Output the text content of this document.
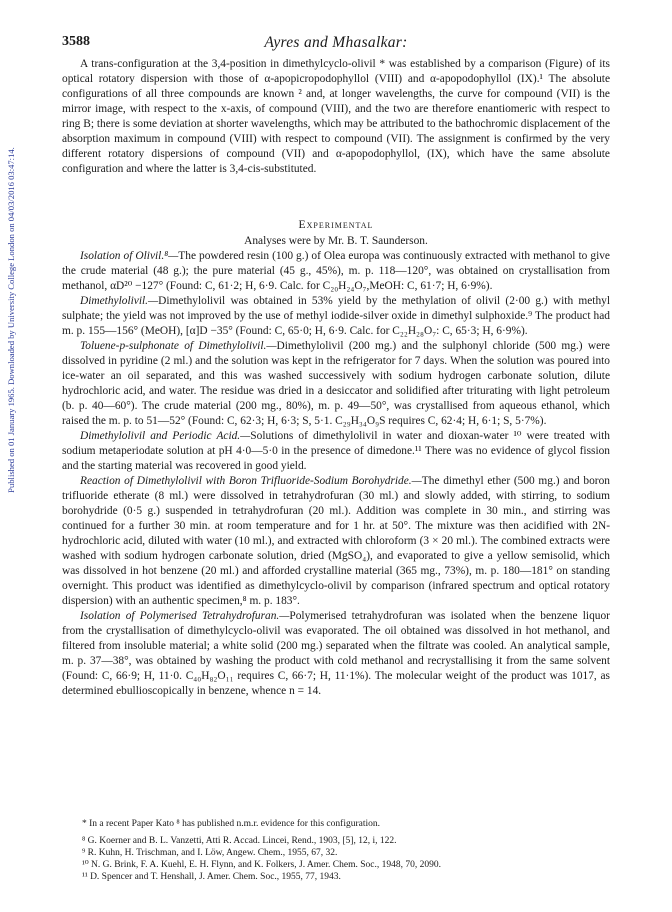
Published on 01 January 1965. Downloaded by University College London on 04/03/2016 03:47:14.
3588	Ayres and Mhasalkar:

A trans-configuration at the 3,4-position in dimethylcyclo-olivil * was established by a comparison (Figure) of its optical rotatory dispersion with those of α-apopicropodophyllol (VIII) and α-apopodophyllol (IX).¹ The absolute configurations of all three compounds are known ² and, at longer wavelengths, the curve for compound (VII) is the mirror image, with respect to the x-axis, of compound (VIII), and the two are therefore enantiomeric with respect to ring B; there is some deviation at shorter wavelengths, which may be attributed to the bathochromic displacement of the absorption maximum in compound (VIII) with respect to compound (VII). The assignment is confirmed by the very different rotatory dispersions of compound (VII) and α-apopodophyllol, (IX), which have the same absolute configuration and where the latter is 3,4-cis-substituted.

Experimental

Analyses were by Mr. B. T. Saunderson.

Isolation of Olivil.⁸—The powdered resin (100 g.) of Olea europa was continuously extracted with methanol to give the crude material (48 g.); the pure material (45 g., 45%), m. p. 118—120°, was obtained on crystallisation from methanol, αD²⁰ −127° (Found: C, 61·2; H, 6·9. Calc. for C₂₀H₂₄O₇,MeOH: C, 61·7; H, 6·9%).

Dimethylolivil.—Dimethylolivil was obtained in 53% yield by the methylation of olivil (2·00 g.) with methyl sulphate; the yield was not improved by the use of methyl iodide-silver oxide in dimethyl sulphoxide.⁹ The product had m. p. 155—156° (MeOH), [α]D −35° (Found: C, 65·0; H, 6·9. Calc. for C₂₂H₂₈O₇: C, 65·3; H, 6·9%).

Toluene-p-sulphonate of Dimethylolivil.—Dimethylolivil (200 mg.) and the sulphonyl chloride (500 mg.) were dissolved in pyridine (2 ml.) and the solution was kept in the refrigerator for 7 days. When the solution was poured into ice-water an oil separated, and this was washed successively with sodium hydrogen carbonate solution, dilute hydrochloric acid, and water. The residue was dried in a desiccator and solidified after triturating with light petroleum (b. p. 40—60°). The crude material (200 mg., 80%), m. p. 49—50°, was crystallised from aqueous ethanol, which raised the m. p. to 51—52° (Found: C, 62·3; H, 6·3; S, 5·1. C₂₉H₃₄O₉S requires C, 62·4; H, 6·1; S, 5·7%).

Dimethylolivil and Periodic Acid.—Solutions of dimethylolivil in water and dioxan-water ¹⁰ were treated with sodium metaperiodate solution at pH 4·0—5·0 in the presence of dimedone.¹¹ There was no evidence of glycol fission and the starting material was recovered in good yield.

Reaction of Dimethylolivil with Boron Trifluoride-Sodium Borohydride.—The dimethyl ether (500 mg.) and boron trifluoride etherate (8 ml.) were dissolved in tetrahydrofuran (30 ml.) and slowly added, with stirring, to sodium borohydride (0·5 g.) suspended in tetrahydrofuran (20 ml.). Addition was complete in 30 min., and stirring was continued for a further 30 min. at room temperature and for 1 hr. at 50°. The mixture was then acidified with 2N-hydrochloric acid, diluted with water (10 ml.), and extracted with chloroform (3 × 20 ml.). The combined extracts were washed with sodium hydrogen carbonate solution, dried (MgSO₄), and evaporated to give a yellow semisolid, which was dissolved in hot benzene (20 ml.) and afforded crystalline material (365 mg., 73%), m. p. 180—181° on standing overnight. This product was identified as dimethylcyclo-olivil by comparison (infrared spectrum and optical rotatory dispersion) with an authentic specimen,⁸ m. p. 183°.

Isolation of Polymerised Tetrahydrofuran.—Polymerised tetrahydrofuran was isolated when the benzene liquor from the crystallisation of dimethylcyclo-olivil was evaporated. The oil obtained was dissolved in hot methanol, and filtered from insoluble material; a white solid (200 mg.) separated when the filtrate was cooled. An analytical sample, m. p. 37—38°, was obtained by washing the product with cold methanol and recrystallising it from the same solvent (Found: C, 66·9; H, 11·0. C₄₀H₈₂O₁₁ requires C, 66·7; H, 11·1%). The molecular weight of the product was 1017, as determined ebullioscopically in benzene, whence n = 14.

* In a recent Paper Kato ⁸ has published n.m.r. evidence for this configuration.

⁸ G. Koerner and B. L. Vanzetti, Atti R. Accad. Lincei, Rend., 1903, [5], 12, i, 122.

⁹ R. Kuhn, H. Trischman, and I. Löw, Angew. Chem., 1955, 67, 32.

¹⁰ N. G. Brink, F. A. Kuehl, E. H. Flynn, and K. Folkers, J. Amer. Chem. Soc., 1948, 70, 2090.

¹¹ D. Spencer and T. Henshall, J. Amer. Chem. Soc., 1955, 77, 1943.
